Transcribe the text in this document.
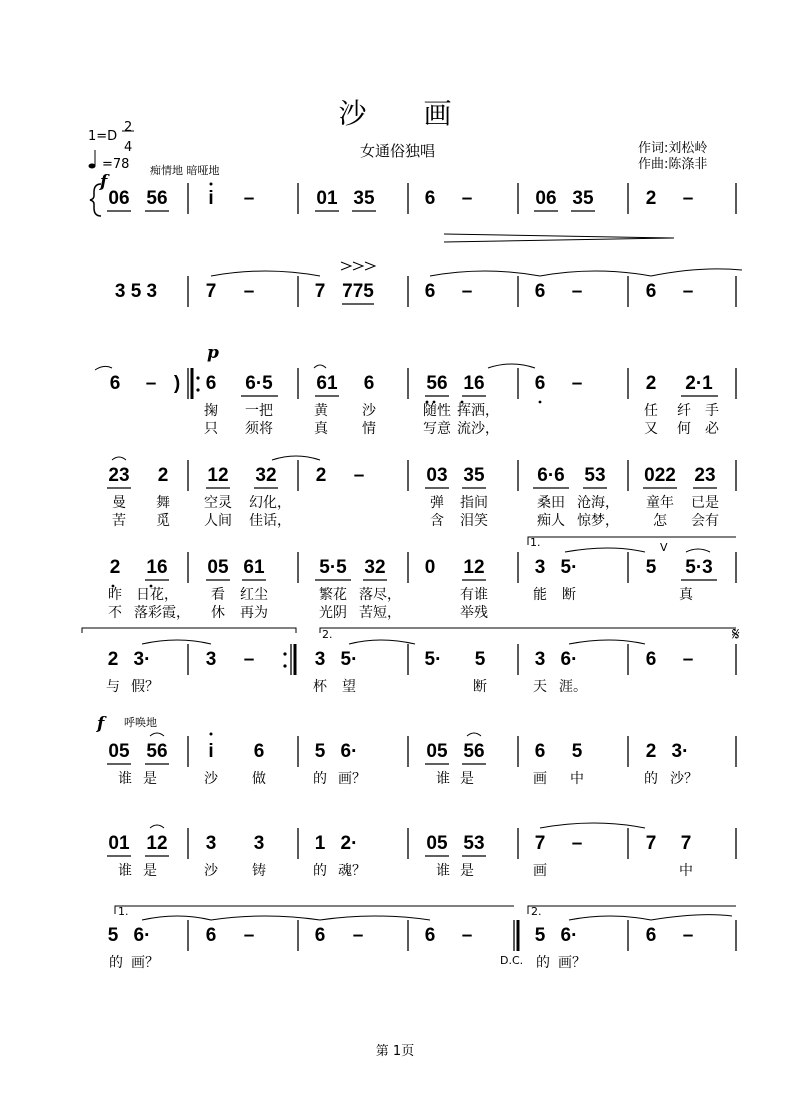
沙 画
1=D
2
4
=78 痴情地 暗哑地
女通俗独唱	作词:刘松岭
作曲:陈涤非
f
p
f 呼唤地
1.
2.
1.	2.
𝄋
V
D.C.
第 1页
06 56 i –	01 35	6 –	06 35	2 –
3 5 3	7 –	7 775	6 –	6 –	6 –
6 – ) 6 6·5 61 6	56 16	6 –	2 2·1
掬 一把	黄 沙	随性 挥洒，	任 纤 手
只 须将	真 情	写意 流沙，	又 何 必
23 2 12 32 2 –	03 35	6·6 53 022 23
曼 舞 空灵 幻化，	弹 指间	桑田 沧海， 童年 已是
苦 觅 人间 佳话，	含 泪笑	痴人 惊梦， 怎 会有
2 16 05 61	5·5 32 0 12	3 5·	5 5·3
昨 日花， 看 红尘	繁花 落尽，	有谁	能 断	真
不 落彩霞， 休 再为	光阴 苦短，	举残
2 3·	3 –	3 5·	5· 5	3 6·	6 –
与 假？	杯 望	断	天 涯。
05 56 i 6	5 6·	05 56	6 5	2 3·
谁 是	沙 做	的 画？	谁 是	画 中	的 沙？
01 12 3 3	1 2·	05 53	7 –	7 7
谁 是	沙 铸	的 魂？	谁 是	画	中
5 6·	6 –	6 –	6 –	5 6·	6 –
的 画？	的 画？
